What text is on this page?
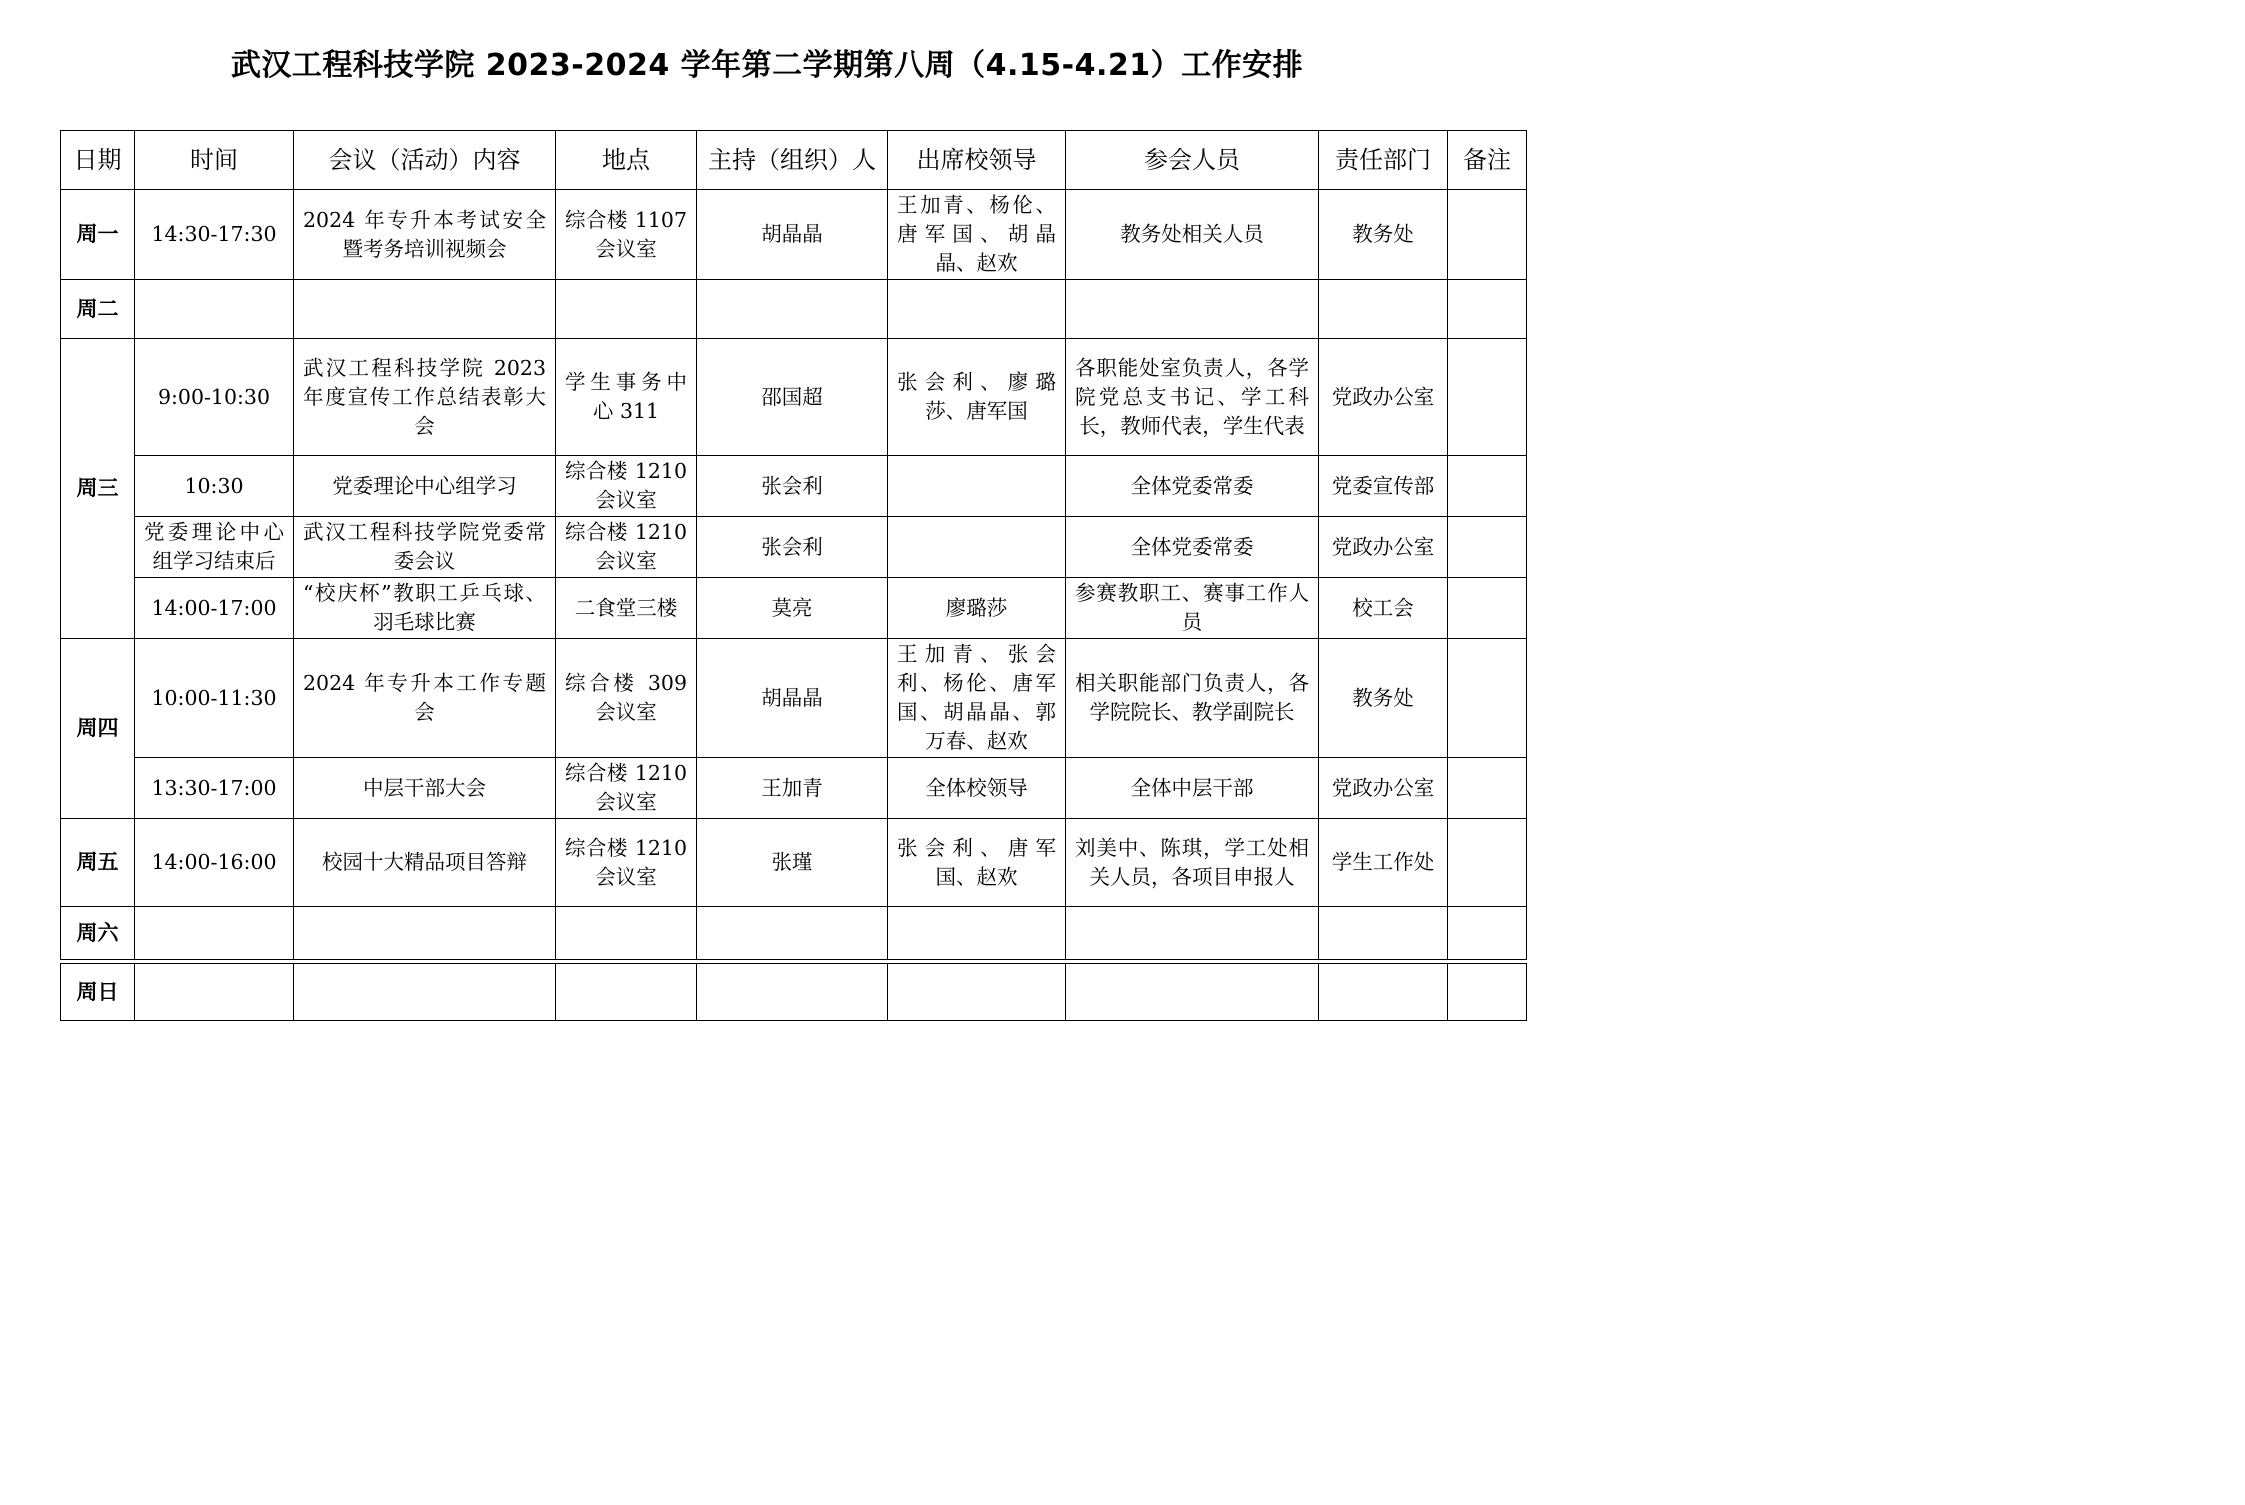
武汉工程科技学院 2023-2024 学年第二学期第八周（4.15-4.21）工作安排
日期	时间	会议（活动）内容	地点	主持（组织）人	出席校领导	参会人员	责任部门	备注
周一	14:30-17:30	2024 年专升本考试安全暨考务培训视频会	综合楼 1107 会议室	胡晶晶	王加青、杨伦、唐军国、胡晶晶、赵欢	教务处相关人员	教务处	
周二								
周三	9:00-10:30	武汉工程科技学院 2023 年度宣传工作总结表彰大会	学生事务中心 311	邵国超	张会利、廖璐莎、唐军国	各职能处室负责人，各学院党总支书记、学工科长，教师代表，学生代表	党政办公室	
	10:30	党委理论中心组学习	综合楼 1210 会议室	张会利		全体党委常委	党委宣传部	
	党委理论中心组学习结束后	武汉工程科技学院党委常委会议	综合楼 1210 会议室	张会利		全体党委常委	党政办公室	
	14:00-17:00	“校庆杯”教职工乒乓球、羽毛球比赛	二食堂三楼	莫亮	廖璐莎	参赛教职工、赛事工作人员	校工会	
周四	10:00-11:30	2024 年专升本工作专题会	综合楼 309 会议室	胡晶晶	王加青、张会利、杨伦、唐军国、胡晶晶、郭万春、赵欢	相关职能部门负责人，各学院院长、教学副院长	教务处	
	13:30-17:00	中层干部大会	综合楼 1210 会议室	王加青	全体校领导	全体中层干部	党政办公室	
周五	14:00-16:00	校园十大精品项目答辩	综合楼 1210 会议室	张瑾	张会利、唐军国、赵欢	刘美中、陈琪，学工处相关人员，各项目申报人	学生工作处	
周六								

周日								
